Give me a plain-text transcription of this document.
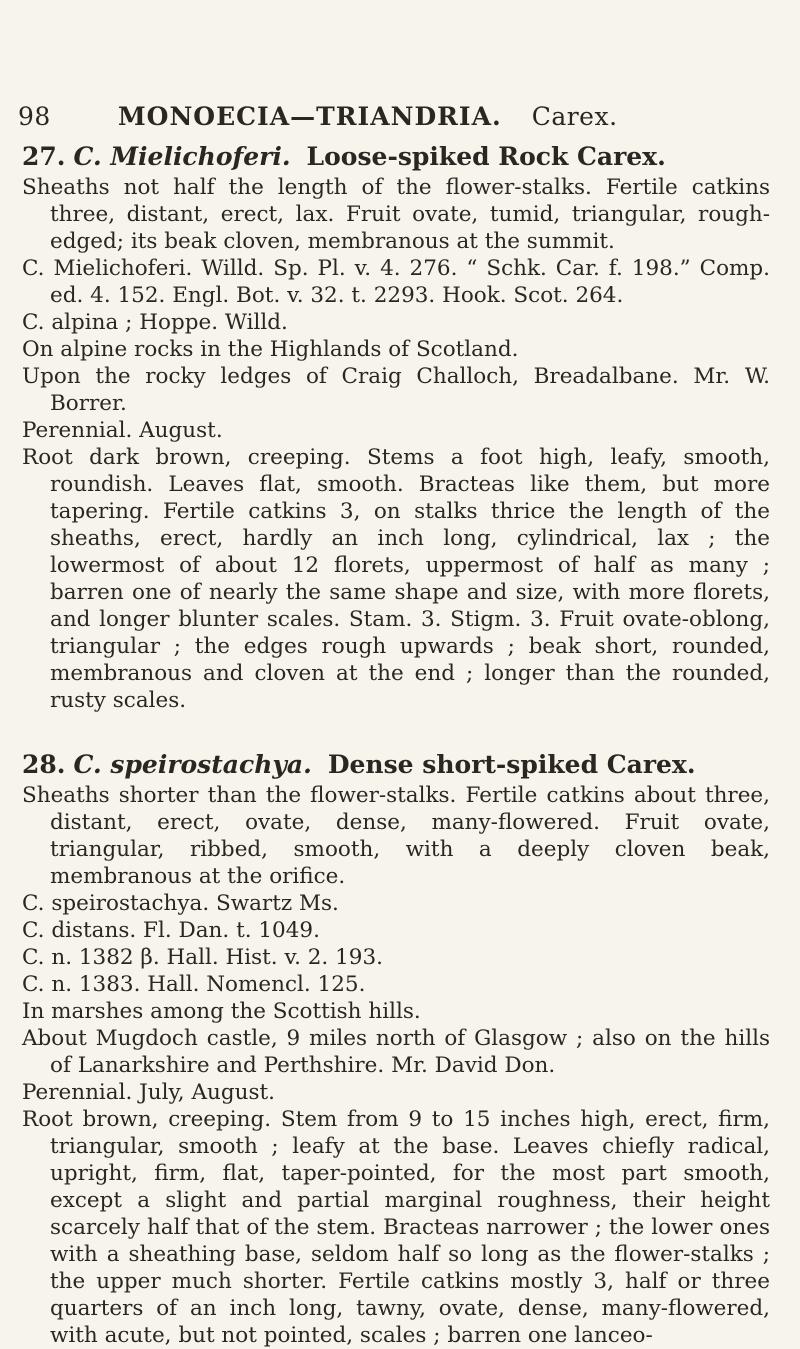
98	MONOECIA—TRIANDRIA. Carex.
27. C. Mielichoferi. Loose-spiked Rock Carex.

Sheaths not half the length of the flower-stalks. Fertile catkins three, distant, erect, lax. Fruit ovate, tumid, triangular, rough-edged; its beak cloven, membranous at the summit.

C. Mielichoferi. Willd. Sp. Pl. v. 4. 276. “ Schk. Car. f. 198.” Comp. ed. 4. 152. Engl. Bot. v. 32. t. 2293. Hook. Scot. 264.

C. alpina ; Hoppe. Willd.

On alpine rocks in the Highlands of Scotland.

Upon the rocky ledges of Craig Challoch, Breadalbane. Mr. W. Borrer.

Perennial. August.

Root dark brown, creeping. Stems a foot high, leafy, smooth, roundish. Leaves flat, smooth. Bracteas like them, but more tapering. Fertile catkins 3, on stalks thrice the length of the sheaths, erect, hardly an inch long, cylindrical, lax ; the lowermost of about 12 florets, uppermost of half as many ; barren one of nearly the same shape and size, with more florets, and longer blunter scales. Stam. 3. Stigm. 3. Fruit ovate-oblong, triangular ; the edges rough upwards ; beak short, rounded, membranous and cloven at the end ; longer than the rounded, rusty scales.

28. C. speirostachya. Dense short-spiked Carex.

Sheaths shorter than the flower-stalks. Fertile catkins about three, distant, erect, ovate, dense, many-flowered. Fruit ovate, triangular, ribbed, smooth, with a deeply cloven beak, membranous at the orifice.

C. speirostachya. Swartz Ms.

C. distans. Fl. Dan. t. 1049.

C. n. 1382 β. Hall. Hist. v. 2. 193.

C. n. 1383. Hall. Nomencl. 125.

In marshes among the Scottish hills.

About Mugdoch castle, 9 miles north of Glasgow ; also on the hills of Lanarkshire and Perthshire. Mr. David Don.

Perennial. July, August.

Root brown, creeping. Stem from 9 to 15 inches high, erect, firm, triangular, smooth ; leafy at the base. Leaves chiefly radical, upright, firm, flat, taper-pointed, for the most part smooth, except a slight and partial marginal roughness, their height scarcely half that of the stem. Bracteas narrower ; the lower ones with a sheathing base, seldom half so long as the flower-stalks ; the upper much shorter. Fertile catkins mostly 3, half or three quarters of an inch long, tawny, ovate, dense, many-flowered, with acute, but not pointed, scales ; barren one lanceo-
